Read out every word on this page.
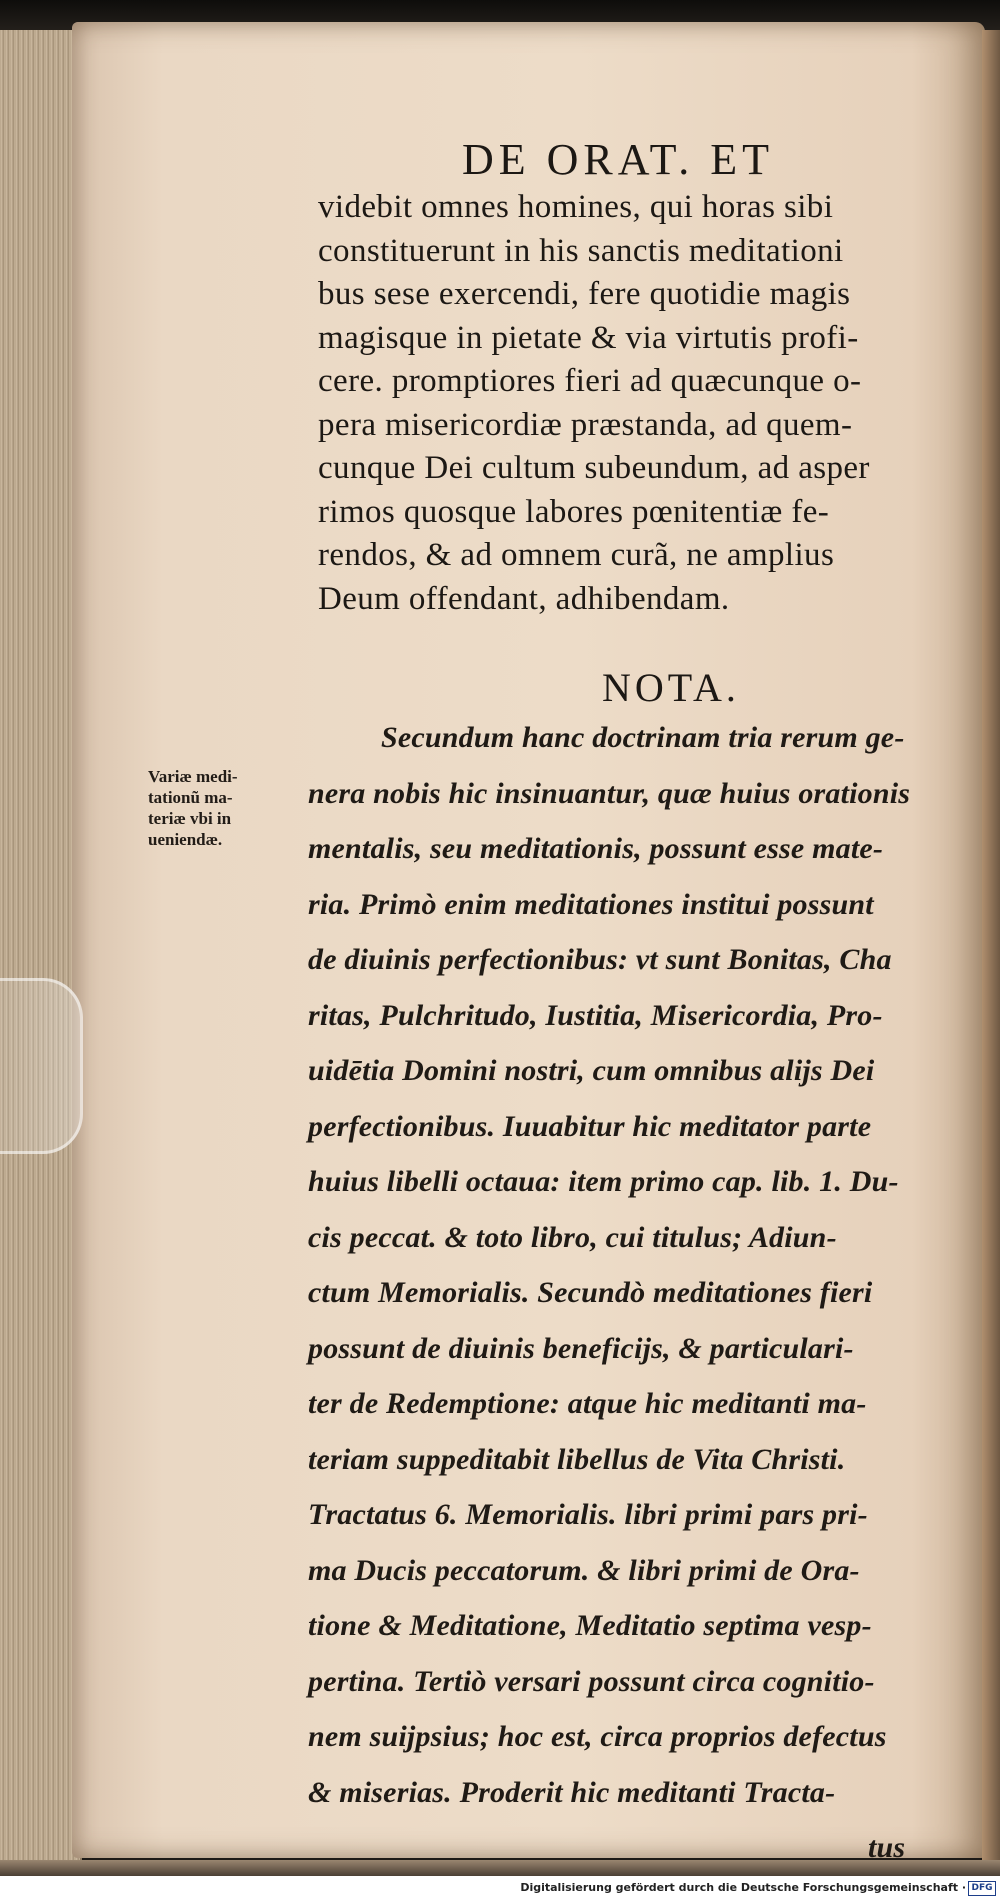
DE ORAT. ET
videbit omnes homines, qui horas sibi
constituerunt in his sanctis meditationi
bus sese exercendi, fere quotidie magis
magisque in pietate & via virtutis profi-
cere. promptiores fieri ad quæcunque o-
pera misericordiæ præstanda, ad quem-
cunque Dei cultum subeundum, ad asper
rimos quosque labores pœnitentiæ fe-
rendos, & ad omnem curã, ne amplius
Deum offendant, adhibendam.
NOTA.
Variæ medi-
tationũ ma-
teriæ vbi in
ueniendæ.
Secundum hanc doctrinam tria rerum ge-
nera nobis hic insinuantur, quæ huius orationis
mentalis, seu meditationis, possunt esse mate-
ria. Primò enim meditationes institui possunt
de diuinis perfectionibus: vt sunt Bonitas, Cha
ritas, Pulchritudo, Iustitia, Misericordia, Pro-
uidētia Domini nostri, cum omnibus alijs Dei
perfectionibus. Iuuabitur hic meditator parte
huius libelli octaua: item primo cap. lib. 1. Du-
cis peccat. & toto libro, cui titulus; Adiun-
ctum Memorialis. Secundò meditationes fieri
possunt de diuinis beneficijs, & particulari-
ter de Redemptione: atque hic meditanti ma-
teriam suppeditabit libellus de Vita Christi.
Tractatus 6. Memorialis. libri primi pars pri-
ma Ducis peccatorum. & libri primi de Ora-
tione & Meditatione, Meditatio septima vesp-
pertina. Tertiò versari possunt circa cognitio-
nem suijpsius; hoc est, circa proprios defectus
& miserias. Proderit hic meditanti Tracta-
tus
Digitalisierung gefördert durch die Deutsche Forschungsgemeinschaft · DFG
